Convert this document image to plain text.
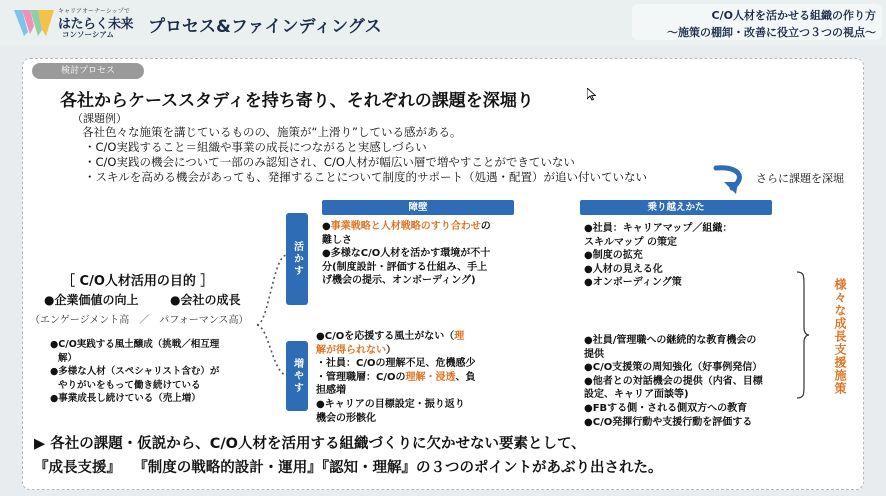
キャリアオーナーシップで
はたらく未来
コンソーシアム プロセス&ファインディングス
C/O人材を活かせる組織の作り方
〜施策の棚卸・改善に役立つ３つの視点〜
検討プロセス
各社からケーススタディを持ち寄り、それぞれの課題を深堀り
（課題例）
各社色々な施策を講じているものの、施策が“上滑り”している感がある。
・C/O実践すること＝組織や事業の成長につながると実感しづらい
・C/O実践の機会について一部のみ認知され、C/O人材が幅広い層で増やすことができていない
・スキルを高める機会があっても、発揮することについて制度的サポート（処遇・配置）が追い付いていない	さらに課題を深堀
［ C/O人材活用の目的 ］
●企業価値の向上	●会社の成長
（エンゲージメント高　／　パフォーマンス高）
●C/O実践する風土醸成（挑戦／相互理
解）
●多様な人材（スペシャリスト含む）が
やりがいをもって働き続けている
●事業成長し続けている（売上増）
活かす
増やす
障壁	乗り越えかた
●事業戦略と人材戦略のすり合わせの
難しさ
●多様なC/O人材を活かす環境が不十
分(制度設計・評価する仕組み、手上
げ機会の提示、オンボーディング)
●C/Oを応援する風土がない（理
解が得られない）
・社員：C/Oの理解不足、危機感少
・管理職層：C/Oの理解・浸透、負
担感増
●キャリアの目標設定・振り返り
機会の形骸化
●社員：キャリアマップ／組織：
スキルマップ の策定
●制度の拡充
●人材の見える化
●オンボーディング策
●社員/管理職への継続的な教育機会の
提供
●C/O支援策の周知強化（好事例発信）
●他者との対話機会の提供（内省、目標
設定、キャリア面談等)
●FBする側・される側双方への教育
●C/O発揮行動や支援行動を評価する
様々な成長支援施策
▶ 各社の課題・仮説から、C/O人材を活用する組織づくりに欠かせない要素として、
『成長支援』 　『制度の戦略的設計・運用』『認知・理解』の３つのポイントがあぶり出された。
